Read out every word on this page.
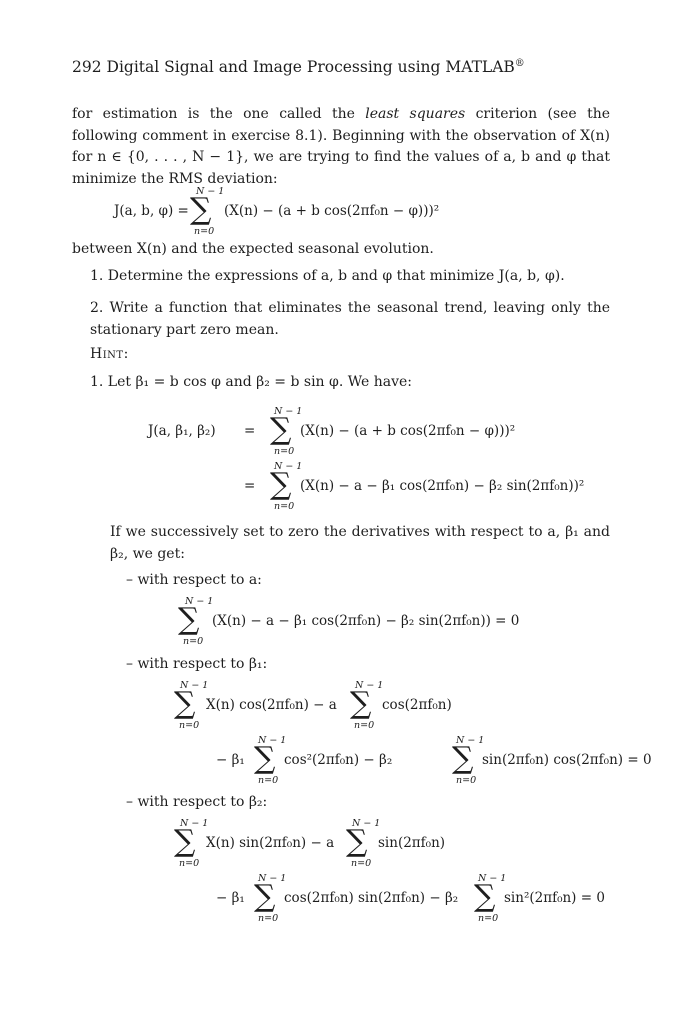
292 Digital Signal and Image Processing using MATLAB®
for estimation is the one called the least squares criterion (see the following comment in exercise 8.1). Beginning with the observation of X(n) for n ∈ {0, . . . , N − 1}, we are trying to find the values of a, b and φ that minimize the RMS deviation:
J(a, b, φ) =
N − 1
∑
n=0
(X(n) − (a + b cos(2πf₀n − φ)))²
between X(n) and the expected seasonal evolution.
1. Determine the expressions of a, b and φ that minimize J(a, b, φ).
2. Write a function that eliminates the seasonal trend, leaving only the stationary part zero mean.
Hint:
1. Let β₁ = b cos φ and β₂ = b sin φ. We have:
J(a, β₁, β₂) =
N − 1
∑
n=0
(X(n) − (a + b cos(2πf₀n − φ)))²
=
N − 1
∑
n=0
(X(n) − a − β₁ cos(2πf₀n) − β₂ sin(2πf₀n))²
If we successively set to zero the derivatives with respect to a, β₁ and β₂, we get:
– with respect to a:
N − 1
∑
n=0
(X(n) − a − β₁ cos(2πf₀n) − β₂ sin(2πf₀n)) = 0
– with respect to β₁:
N − 1
∑
n=0
X(n) cos(2πf₀n) − a
N − 1
∑
n=0
cos(2πf₀n)
− β₁
N − 1
∑
n=0
cos²(2πf₀n) − β₂
N − 1
∑
n=0
sin(2πf₀n) cos(2πf₀n) = 0
– with respect to β₂:
N − 1
∑
n=0
X(n) sin(2πf₀n) − a
N − 1
∑
n=0
sin(2πf₀n)
− β₁
N − 1
∑
n=0
cos(2πf₀n) sin(2πf₀n) − β₂
N − 1
∑
n=0
sin²(2πf₀n) = 0
